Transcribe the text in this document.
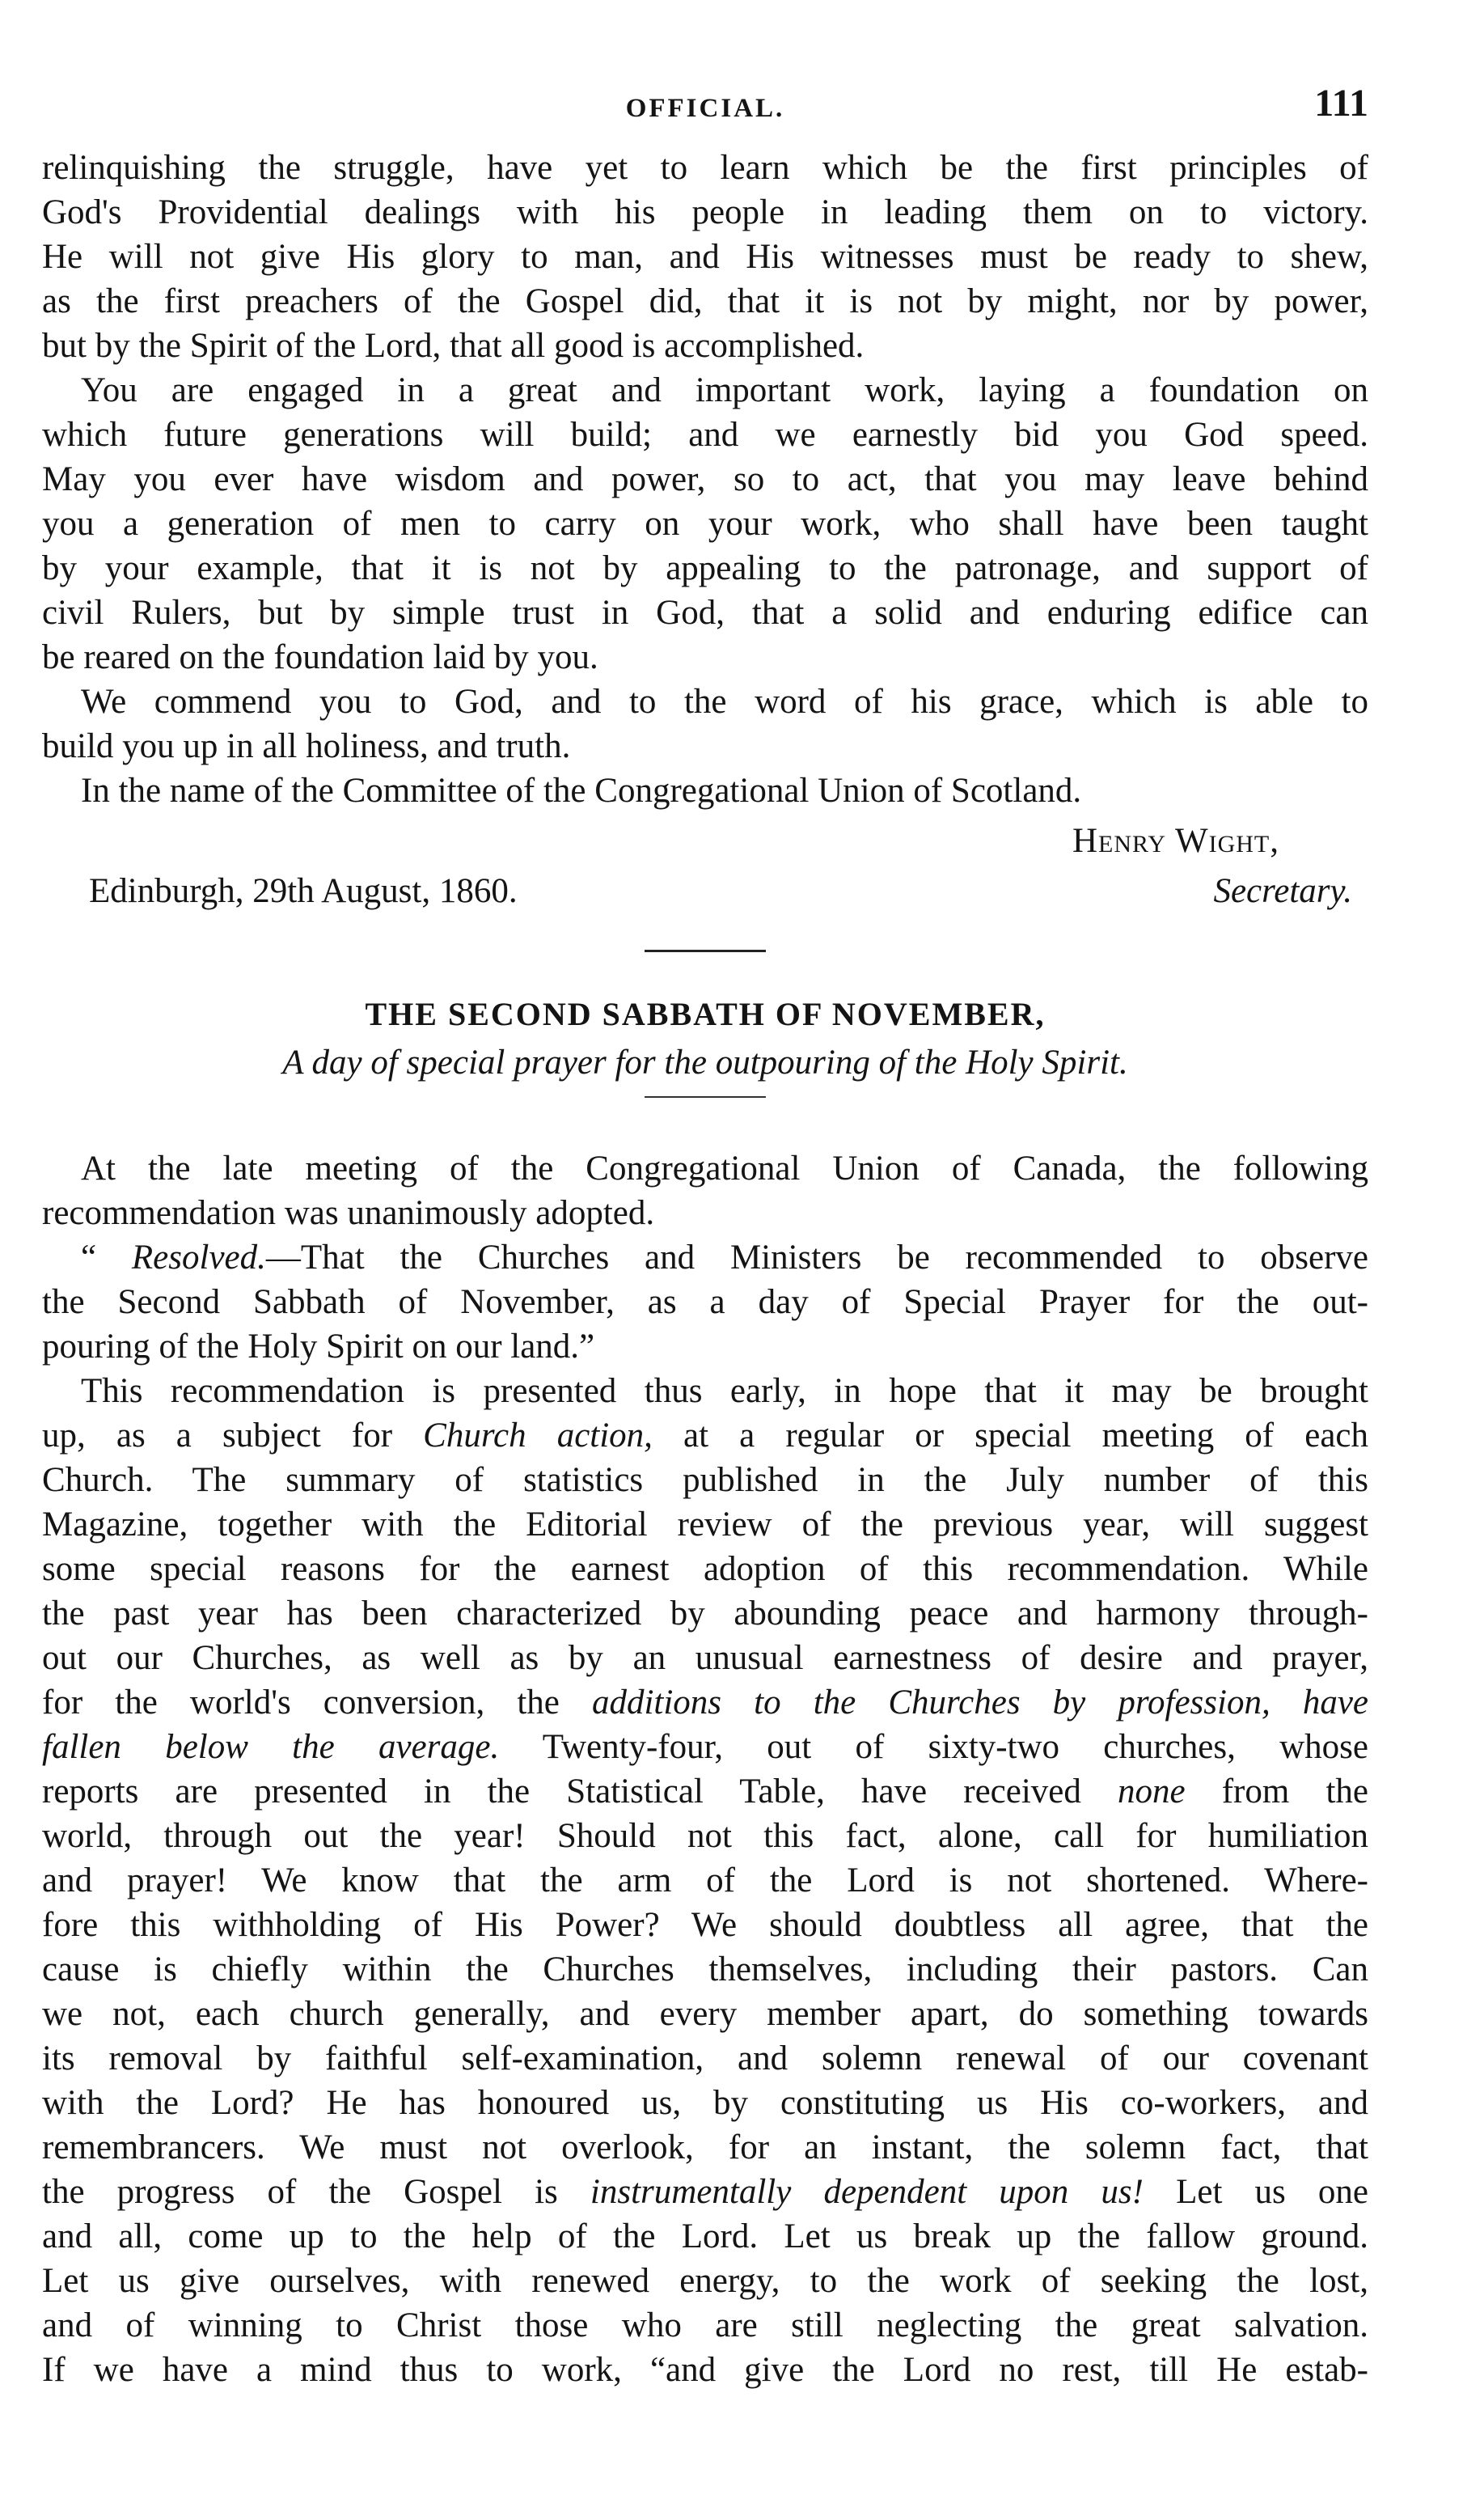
OFFICIAL.	111

relinquishing the struggle, have yet to learn which be the first principles of
God's Providential dealings with his people in leading them on to victory.
He will not give His glory to man, and His witnesses must be ready to shew,
as the first preachers of the Gospel did, that it is not by might, nor by power,
but by the Spirit of the Lord, that all good is accomplished.

You are engaged in a great and important work, laying a foundation on
which future generations will build; and we earnestly bid you God speed.
May you ever have wisdom and power, so to act, that you may leave behind
you a generation of men to carry on your work, who shall have been taught
by your example, that it is not by appealing to the patronage, and support of
civil Rulers, but by simple trust in God, that a solid and enduring edifice can
be reared on the foundation laid by you.

We commend you to God, and to the word of his grace, which is able to
build you up in all holiness, and truth.

In the name of the Committee of the Congregational Union of Scotland.

Henry Wight,
Edinburgh, 29th August, 1860.	Secretary.
THE SECOND SABBATH OF NOVEMBER,

A day of special prayer for the outpouring of the Holy Spirit.

At the late meeting of the Congregational Union of Canada, the following
recommendation was unanimously adopted.

“ Resolved.—That the Churches and Ministers be recommended to observe
the Second Sabbath of November, as a day of Special Prayer for the out-
pouring of the Holy Spirit on our land.”

This recommendation is presented thus early, in hope that it may be brought
up, as a subject for Church action, at a regular or special meeting of each
Church. The summary of statistics published in the July number of this
Magazine, together with the Editorial review of the previous year, will suggest
some special reasons for the earnest adoption of this recommendation. While
the past year has been characterized by abounding peace and harmony through-
out our Churches, as well as by an unusual earnestness of desire and prayer,
for the world's conversion, the additions to the Churches by profession, have
fallen below the average. Twenty-four, out of sixty-two churches, whose
reports are presented in the Statistical Table, have received none from the
world, through out the year! Should not this fact, alone, call for humiliation
and prayer! We know that the arm of the Lord is not shortened. Where-
fore this withholding of His Power? We should doubtless all agree, that the
cause is chiefly within the Churches themselves, including their pastors. Can
we not, each church generally, and every member apart, do something towards
its removal by faithful self-examination, and solemn renewal of our covenant
with the Lord? He has honoured us, by constituting us His co-workers, and
remembrancers. We must not overlook, for an instant, the solemn fact, that
the progress of the Gospel is instrumentally dependent upon us! Let us one
and all, come up to the help of the Lord. Let us break up the fallow ground.
Let us give ourselves, with renewed energy, to the work of seeking the lost,
and of winning to Christ those who are still neglecting the great salvation.
If we have a mind thus to work, “and give the Lord no rest, till He estab-
